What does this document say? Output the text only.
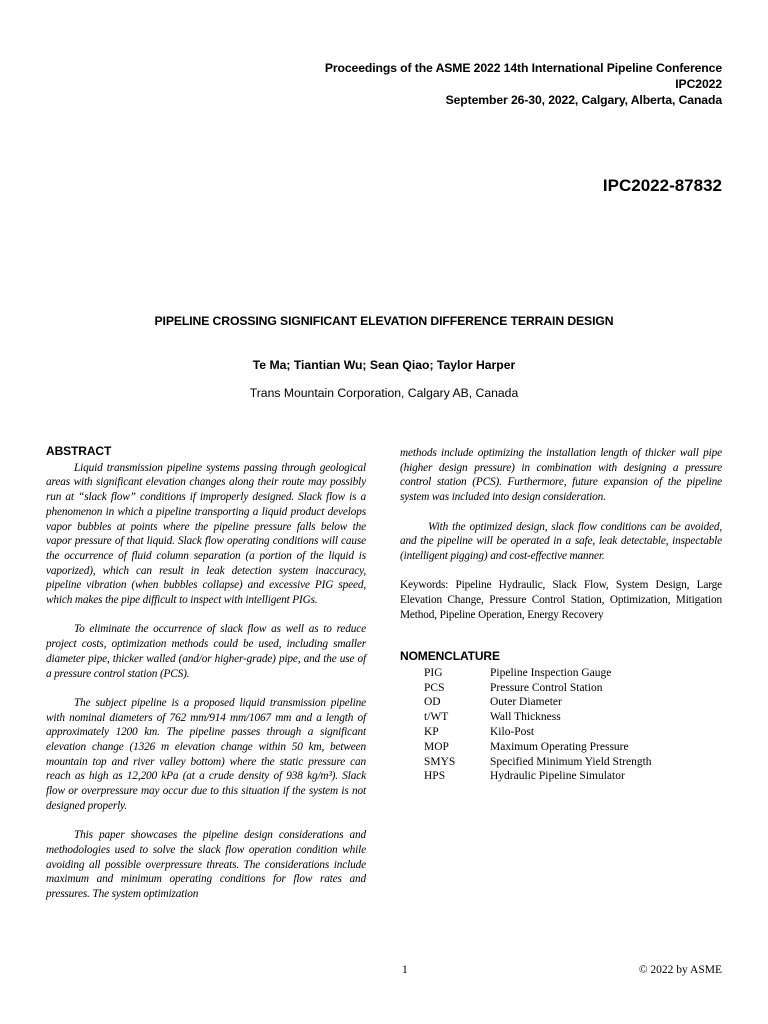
Proceedings of the ASME 2022 14th International Pipeline Conference
IPC2022
September 26-30, 2022, Calgary, Alberta, Canada
IPC2022-87832
PIPELINE CROSSING SIGNIFICANT ELEVATION DIFFERENCE TERRAIN DESIGN
Te Ma; Tiantian Wu; Sean Qiao; Taylor Harper
Trans Mountain Corporation, Calgary AB, Canada
ABSTRACT

Liquid transmission pipeline systems passing through geological areas with significant elevation changes along their route may possibly run at “slack flow” conditions if improperly designed. Slack flow is a phenomenon in which a pipeline transporting a liquid product develops vapor bubbles at points where the pipeline pressure falls below the vapor pressure of that liquid. Slack flow operating conditions will cause the occurrence of fluid column separation (a portion of the liquid is vaporized), which can result in leak detection system inaccuracy, pipeline vibration (when bubbles collapse) and excessive PIG speed, which makes the pipe difficult to inspect with intelligent PIGs.

To eliminate the occurrence of slack flow as well as to reduce project costs, optimization methods could be used, including smaller diameter pipe, thicker walled (and/or higher-grade) pipe, and the use of a pressure control station (PCS).

The subject pipeline is a proposed liquid transmission pipeline with nominal diameters of 762 mm/914 mm/1067 mm and a length of approximately 1200 km. The pipeline passes through a significant elevation change (1326 m elevation change within 50 km, between mountain top and river valley bottom) where the static pressure can reach as high as 12,200 kPa (at a crude density of 938 kg/m³). Slack flow or overpressure may occur due to this situation if the system is not designed properly.

This paper showcases the pipeline design considerations and methodologies used to solve the slack flow operation condition while avoiding all possible overpressure threats. The considerations include maximum and minimum operating conditions for flow rates and pressures. The system optimization

methods include optimizing the installation length of thicker wall pipe (higher design pressure) in combination with designing a pressure control station (PCS). Furthermore, future expansion of the pipeline system was included into design consideration.

With the optimized design, slack flow conditions can be avoided, and the pipeline will be operated in a safe, leak detectable, inspectable (intelligent pigging) and cost-effective manner.

Keywords: Pipeline Hydraulic, Slack Flow, System Design, Large Elevation Change, Pressure Control Station, Optimization, Mitigation Method, Pipeline Operation, Energy Recovery

NOMENCLATURE
PIG	Pipeline Inspection Gauge
PCS	Pressure Control Station
OD	Outer Diameter
t/WT	Wall Thickness
KP	Kilo-Post
MOP	Maximum Operating Pressure
SMYS	Specified Minimum Yield Strength
HPS	Hydraulic Pipeline Simulator
1	© 2022 by ASME
